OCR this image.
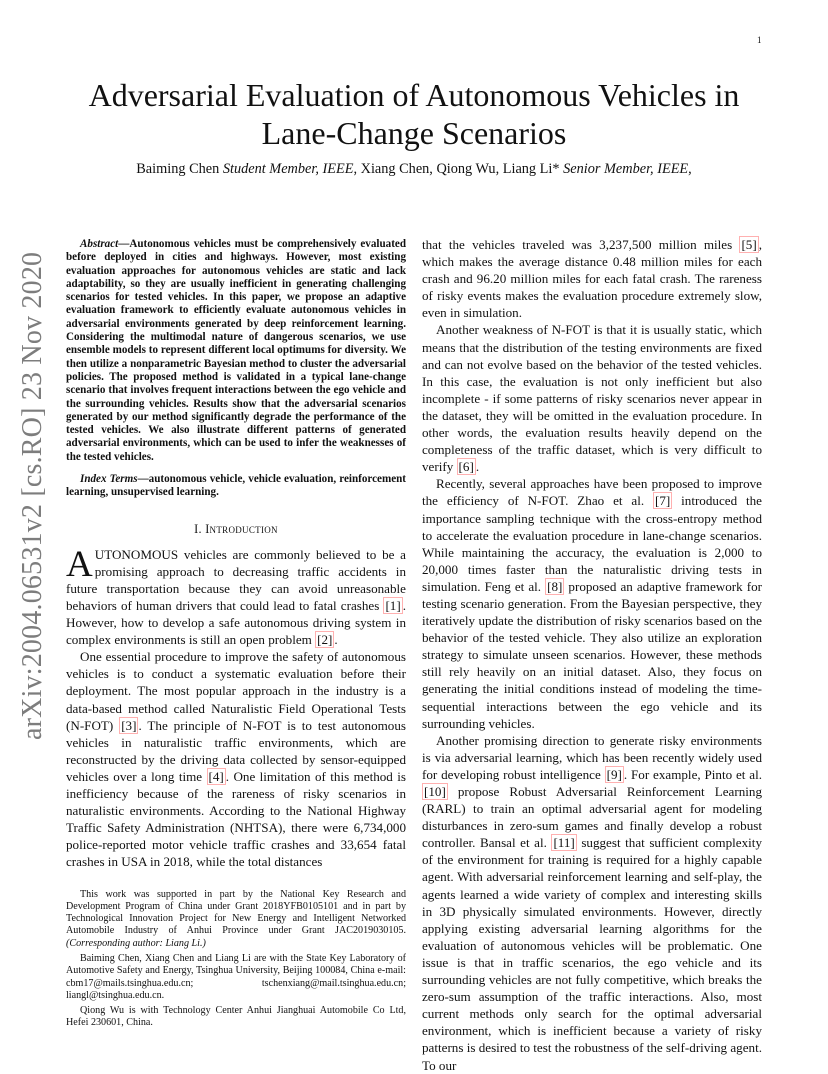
1
arXiv:2004.06531v2 [cs.RO] 23 Nov 2020
Adversarial Evaluation of Autonomous Vehicles in Lane-Change Scenarios
Baiming Chen Student Member, IEEE, Xiang Chen, Qiong Wu, Liang Li* Senior Member, IEEE,

Abstract—Autonomous vehicles must be comprehensively evaluated before deployed in cities and highways. However, most existing evaluation approaches for autonomous vehicles are static and lack adaptability, so they are usually inefficient in generating challenging scenarios for tested vehicles. In this paper, we propose an adaptive evaluation framework to efficiently evaluate autonomous vehicles in adversarial environments generated by deep reinforcement learning. Considering the multimodal nature of dangerous scenarios, we use ensemble models to represent different local optimums for diversity. We then utilize a nonparametric Bayesian method to cluster the adversarial policies. The proposed method is validated in a typical lane-change scenario that involves frequent interactions between the ego vehicle and the surrounding vehicles. Results show that the adversarial scenarios generated by our method significantly degrade the performance of the tested vehicles. We also illustrate different patterns of generated adversarial environments, which can be used to infer the weaknesses of the tested vehicles.

Index Terms—autonomous vehicle, vehicle evaluation, reinforcement learning, unsupervised learning.

I. Introduction

AUTONOMOUS vehicles are commonly believed to be a promising approach to decreasing traffic accidents in future transportation because they can avoid unreasonable behaviors of human drivers that could lead to fatal crashes [1] . However, how to develop a safe autonomous driving system in complex environments is still an open problem [2] .

One essential procedure to improve the safety of autonomous vehicles is to conduct a systematic evaluation before their deployment. The most popular approach in the industry is a data-based method called Naturalistic Field Operational Tests (N-FOT) [3] . The principle of N-FOT is to test autonomous vehicles in naturalistic traffic environments, which are reconstructed by the driving data collected by sensor-equipped vehicles over a long time [4] . One limitation of this method is inefficiency because of the rareness of risky scenarios in naturalistic environments. According to the National Highway Traffic Safety Administration (NHTSA), there were 6,734,000 police-reported motor vehicle traffic crashes and 33,654 fatal crashes in USA in 2018, while the total distances

This work was supported in part by the National Key Research and Development Program of China under Grant 2018YFB0105101 and in part by Technological Innovation Project for New Energy and Intelligent Networked Automobile Industry of Anhui Province under Grant JAC2019030105. (Corresponding author: Liang Li.)

Baiming Chen, Xiang Chen and Liang Li are with the State Key Laboratory of Automotive Safety and Energy, Tsinghua University, Beijing 100084, China e-mail: cbm17@mails.tsinghua.edu.cn; tschenxiang@mail.tsinghua.edu.cn; liangl@tsinghua.edu.cn.

Qiong Wu is with Technology Center Anhui Jianghuai Automobile Co Ltd, Hefei 230601, China.

that the vehicles traveled was 3,237,500 million miles [5] , which makes the average distance 0.48 million miles for each crash and 96.20 million miles for each fatal crash. The rareness of risky events makes the evaluation procedure extremely slow, even in simulation.

Another weakness of N-FOT is that it is usually static, which means that the distribution of the testing environments are fixed and can not evolve based on the behavior of the tested vehicles. In this case, the evaluation is not only inefficient but also incomplete - if some patterns of risky scenarios never appear in the dataset, they will be omitted in the evaluation procedure. In other words, the evaluation results heavily depend on the completeness of the traffic dataset, which is very difficult to verify [6] .

Recently, several approaches have been proposed to improve the efficiency of N-FOT. Zhao et al. [7] introduced the importance sampling technique with the cross-entropy method to accelerate the evaluation procedure in lane-change scenarios. While maintaining the accuracy, the evaluation is 2,000 to 20,000 times faster than the naturalistic driving tests in simulation. Feng et al. [8] proposed an adaptive framework for testing scenario generation. From the Bayesian perspective, they iteratively update the distribution of risky scenarios based on the behavior of the tested vehicle. They also utilize an exploration strategy to simulate unseen scenarios. However, these methods still rely heavily on an initial dataset. Also, they focus on generating the initial conditions instead of modeling the time-sequential interactions between the ego vehicle and its surrounding vehicles.

Another promising direction to generate risky environments is via adversarial learning, which has been recently widely used for developing robust intelligence [9] . For example, Pinto et al. [10] propose Robust Adversarial Reinforcement Learning (RARL) to train an optimal adversarial agent for modeling disturbances in zero-sum games and finally develop a robust controller. Bansal et al. [11] suggest that sufficient complexity of the environment for training is required for a highly capable agent. With adversarial reinforcement learning and self-play, the agents learned a wide variety of complex and interesting skills in 3D physically simulated environments. However, directly applying existing adversarial learning algorithms for the evaluation of autonomous vehicles will be problematic. One issue is that in traffic scenarios, the ego vehicle and its surrounding vehicles are not fully competitive, which breaks the zero-sum assumption of the traffic interactions. Also, most current methods only search for the optimal adversarial environment, which is inefficient because a variety of risky patterns is desired to test the robustness of the self-driving agent. To our
